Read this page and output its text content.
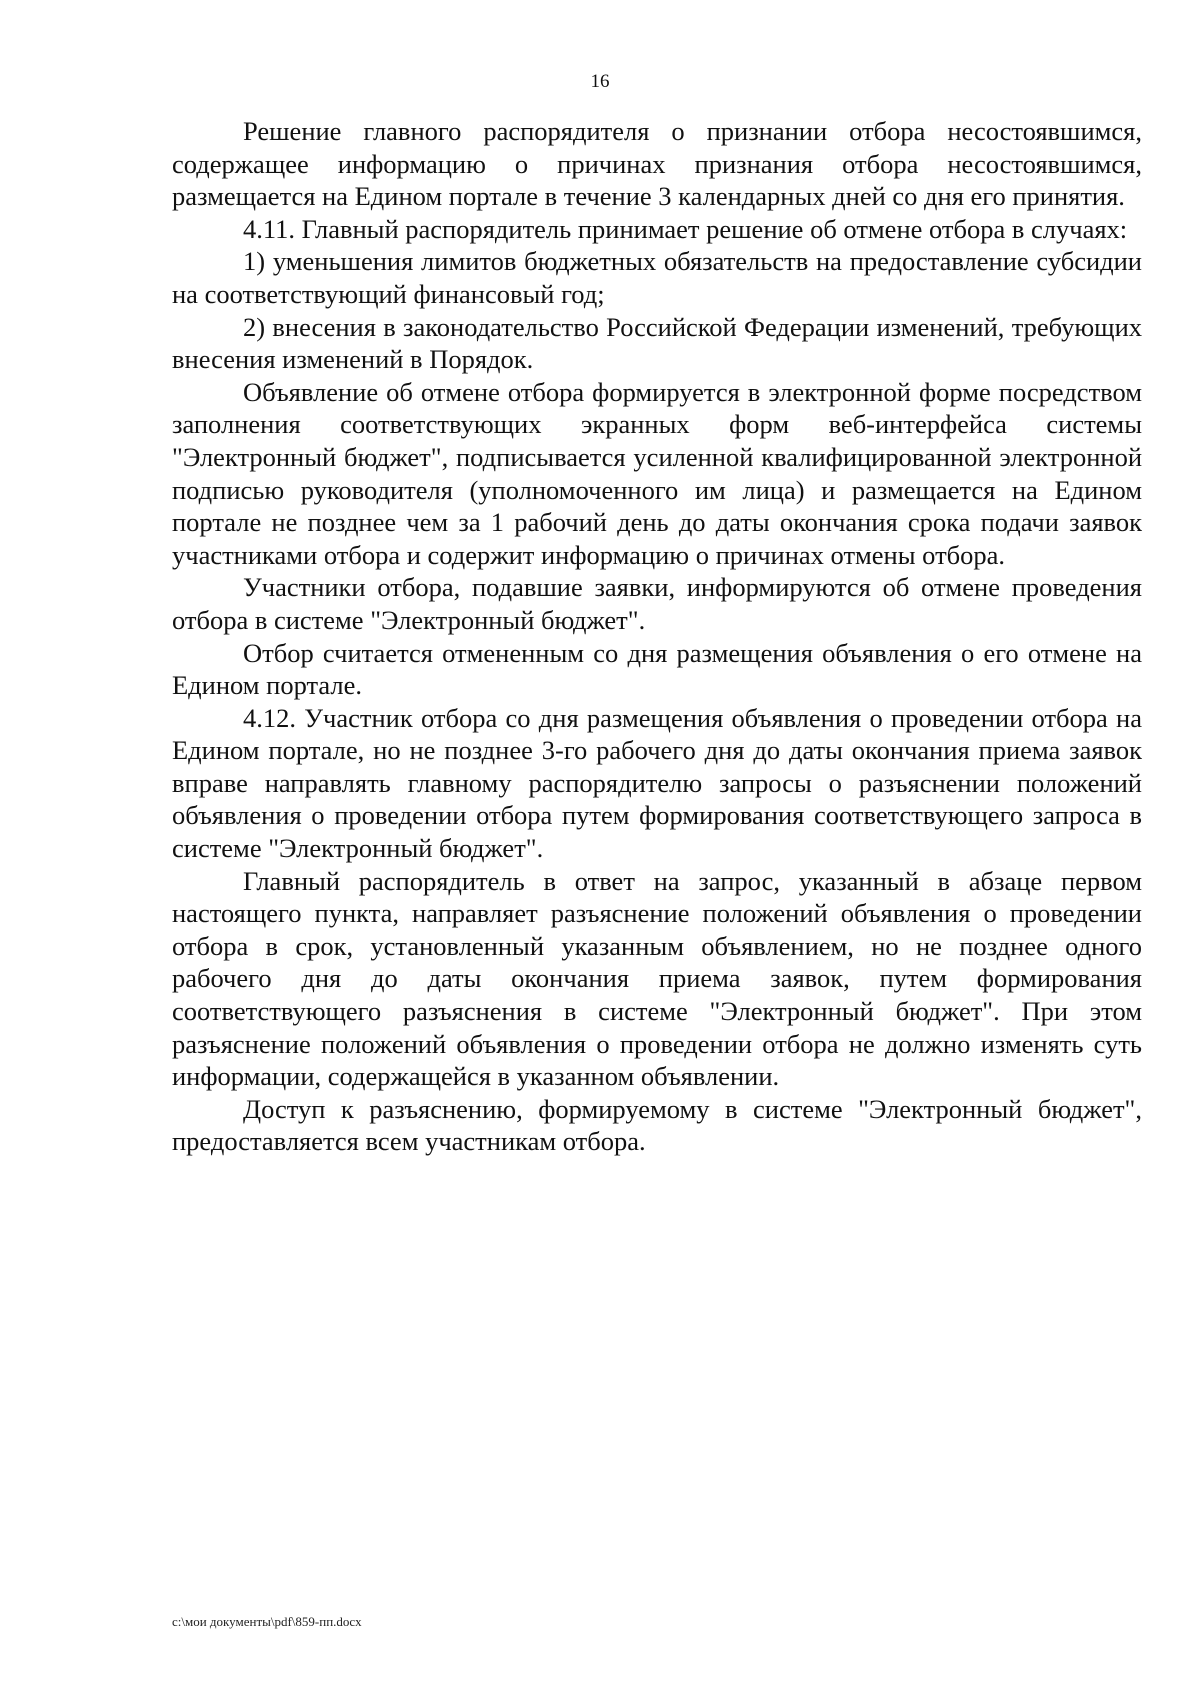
16

Решение главного распорядителя о признании отбора несостоявшимся, содержащее информацию о причинах признания отбора несостоявшимся, размещается на Едином портале в течение 3 календарных дней со дня его принятия.

4.11. Главный распорядитель принимает решение об отмене отбора в случаях:

1) уменьшения лимитов бюджетных обязательств на предоставление субсидии на соответствующий финансовый год;

2) внесения в законодательство Российской Федерации изменений, требующих внесения изменений в Порядок.

Объявление об отмене отбора формируется в электронной форме посредством заполнения соответствующих экранных форм веб-интерфейса системы "Электронный бюджет", подписывается усиленной квалифицированной электронной подписью руководителя (уполномоченного им лица) и размещается на Едином портале не позднее чем за 1 рабочий день до даты окончания срока подачи заявок участниками отбора и содержит информацию о причинах отмены отбора.

Участники отбора, подавшие заявки, информируются об отмене проведения отбора в системе "Электронный бюджет".

Отбор считается отмененным со дня размещения объявления о его отмене на Едином портале.

4.12. Участник отбора со дня размещения объявления о проведении отбора на Едином портале, но не позднее 3-го рабочего дня до даты окончания приема заявок вправе направлять главному распорядителю запросы о разъяснении положений объявления о проведении отбора путем формирования соответствующего запроса в системе "Электронный бюджет".

Главный распорядитель в ответ на запрос, указанный в абзаце первом настоящего пункта, направляет разъяснение положений объявления о проведении отбора в срок, установленный указанным объявлением, но не позднее одного рабочего дня до даты окончания приема заявок, путем формирования соответствующего разъяснения в системе "Электронный бюджет". При этом разъяснение положений объявления о проведении отбора не должно изменять суть информации, содержащейся в указанном объявлении.

Доступ к разъяснению, формируемому в системе "Электронный бюджет", предоставляется всем участникам отбора.

c:\мои документы\pdf\859-пп.docx
